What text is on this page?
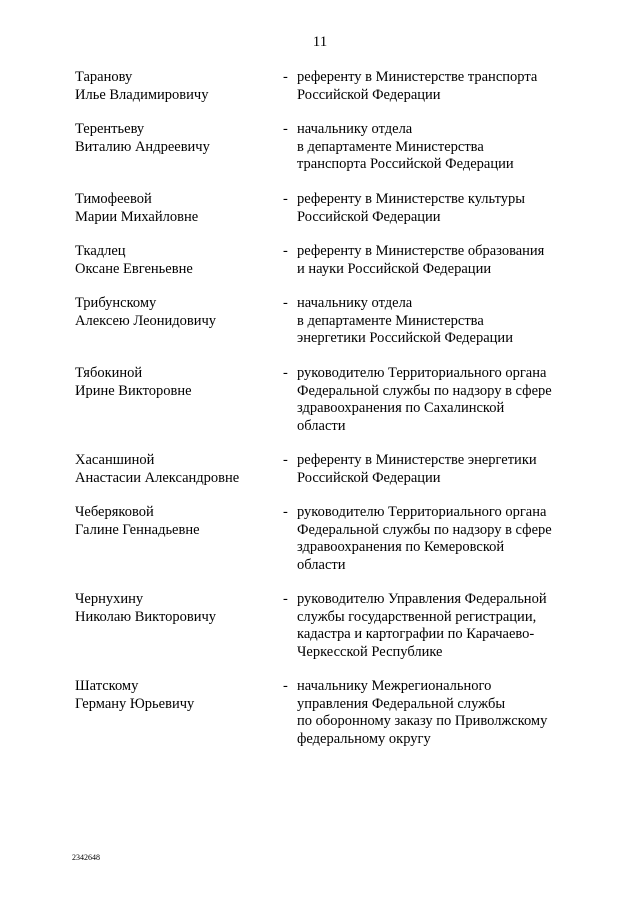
11
Таранову
Илье Владимировичу
- референту в Министерстве транспорта
Российской Федерации
Терентьеву
Виталию Андреевичу
- начальнику отдела
в департаменте Министерства
транспорта Российской Федерации
Тимофеевой
Марии Михайловне
- референту в Министерстве культуры
Российской Федерации
Ткадлец
Оксане Евгеньевне
- референту в Министерстве образования
и науки Российской Федерации
Трибунскому
Алексею Леонидовичу
- начальнику отдела
в департаменте Министерства
энергетики Российской Федерации
Тябокиной
Ирине Викторовне
- руководителю Территориального органа
Федеральной службы по надзору в сфере
здравоохранения по Сахалинской
области
Хасаншиной
Анастасии Александровне
- референту в Министерстве энергетики
Российской Федерации
Чеберяковой
Галине Геннадьевне
- руководителю Территориального органа
Федеральной службы по надзору в сфере
здравоохранения по Кемеровской
области
Чернухину
Николаю Викторовичу
- руководителю Управления Федеральной
службы государственной регистрации,
кадастра и картографии по Карачаево-
Черкесской Республике
Шатскому
Герману Юрьевичу
- начальнику Межрегионального
управления Федеральной службы
по оборонному заказу по Приволжскому
федеральному округу
2342648
